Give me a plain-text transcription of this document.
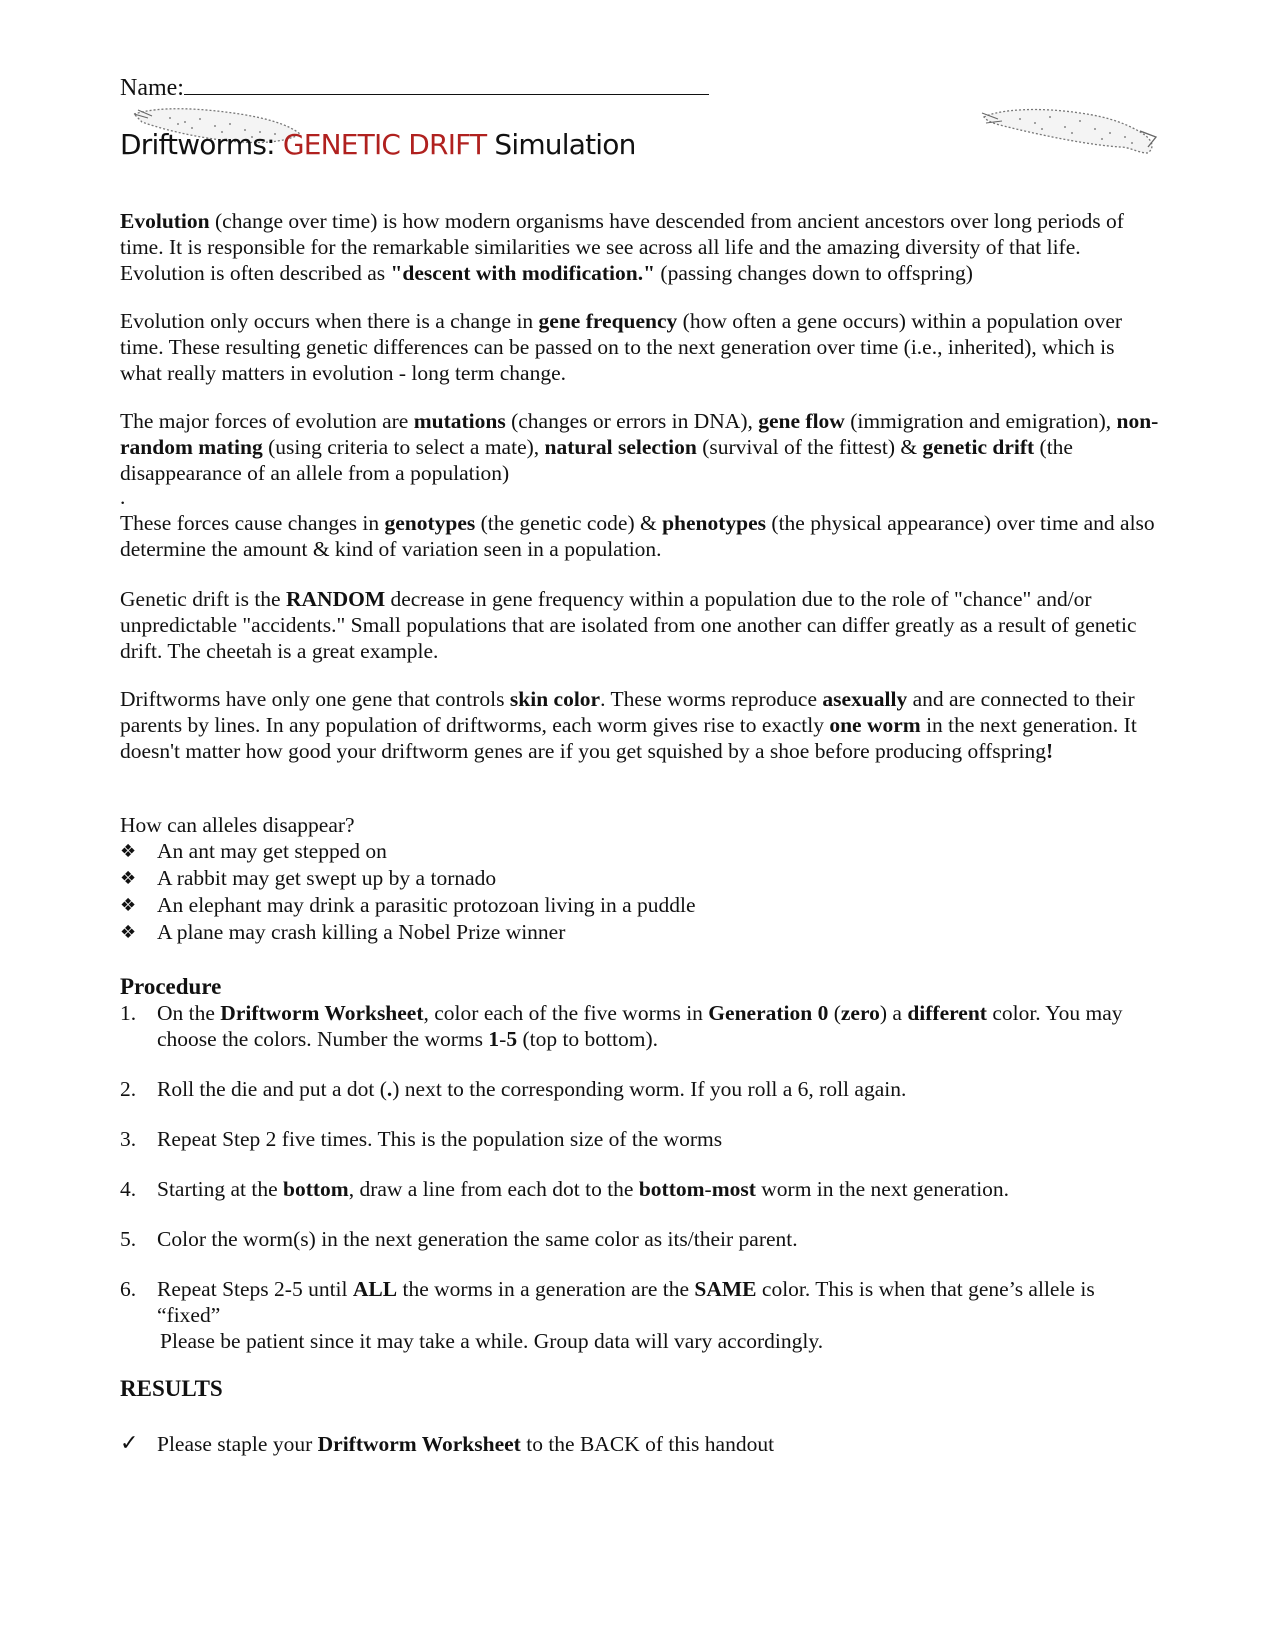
Name:
Driftworms: GENETIC DRIFT Simulation

Evolution (change over time) is how modern organisms have descended from ancient ancestors over long periods of time. It is responsible for the remarkable similarities we see across all life and the amazing diversity of that life. Evolution is often described as "descent with modification." (passing changes down to offspring)

Evolution only occurs when there is a change in gene frequency (how often a gene occurs) within a population over time. These resulting genetic differences can be passed on to the next generation over time (i.e., inherited), which is what really matters in evolution - long term change.

The major forces of evolution are mutations (changes or errors in DNA), gene flow (immigration and emigration), non-random mating (using criteria to select a mate), natural selection (survival of the fittest) & genetic drift (the disappearance of an allele from a population)

.

These forces cause changes in genotypes (the genetic code) & phenotypes (the physical appearance) over time and also determine the amount & kind of variation seen in a population.

Genetic drift is the RANDOM decrease in gene frequency within a population due to the role of "chance" and/or unpredictable "accidents." Small populations that are isolated from one another can differ greatly as a result of genetic drift. The cheetah is a great example.

Driftworms have only one gene that controls skin color. These worms reproduce asexually and are connected to their parents by lines. In any population of driftworms, each worm gives rise to exactly one worm in the next generation. It doesn't matter how good your driftworm genes are if you get squished by a shoe before producing offspring!

How can alleles disappear?

❖ An ant may get stepped on
❖ A rabbit may get swept up by a tornado
❖ An elephant may drink a parasitic protozoan living in a puddle
❖ A plane may crash killing a Nobel Prize winner

Procedure

1. On the Driftworm Worksheet, color each of the five worms in Generation 0 (zero) a different color. You may choose the colors. Number the worms 1-5 (top to bottom).
2. Roll the die and put a dot (.) next to the corresponding worm. If you roll a 6, roll again.
3. Repeat Step 2 five times. This is the population size of the worms
4. Starting at the bottom, draw a line from each dot to the bottom-most worm in the next generation.
5. Color the worm(s) in the next generation the same color as its/their parent.
6. Repeat Steps 2-5 until ALL the worms in a generation are the SAME color. This is when that gene’s allele is “fixed”
Please be patient since it may take a while. Group data will vary accordingly.

RESULTS

✓ Please staple your Driftworm Worksheet to the BACK of this handout
